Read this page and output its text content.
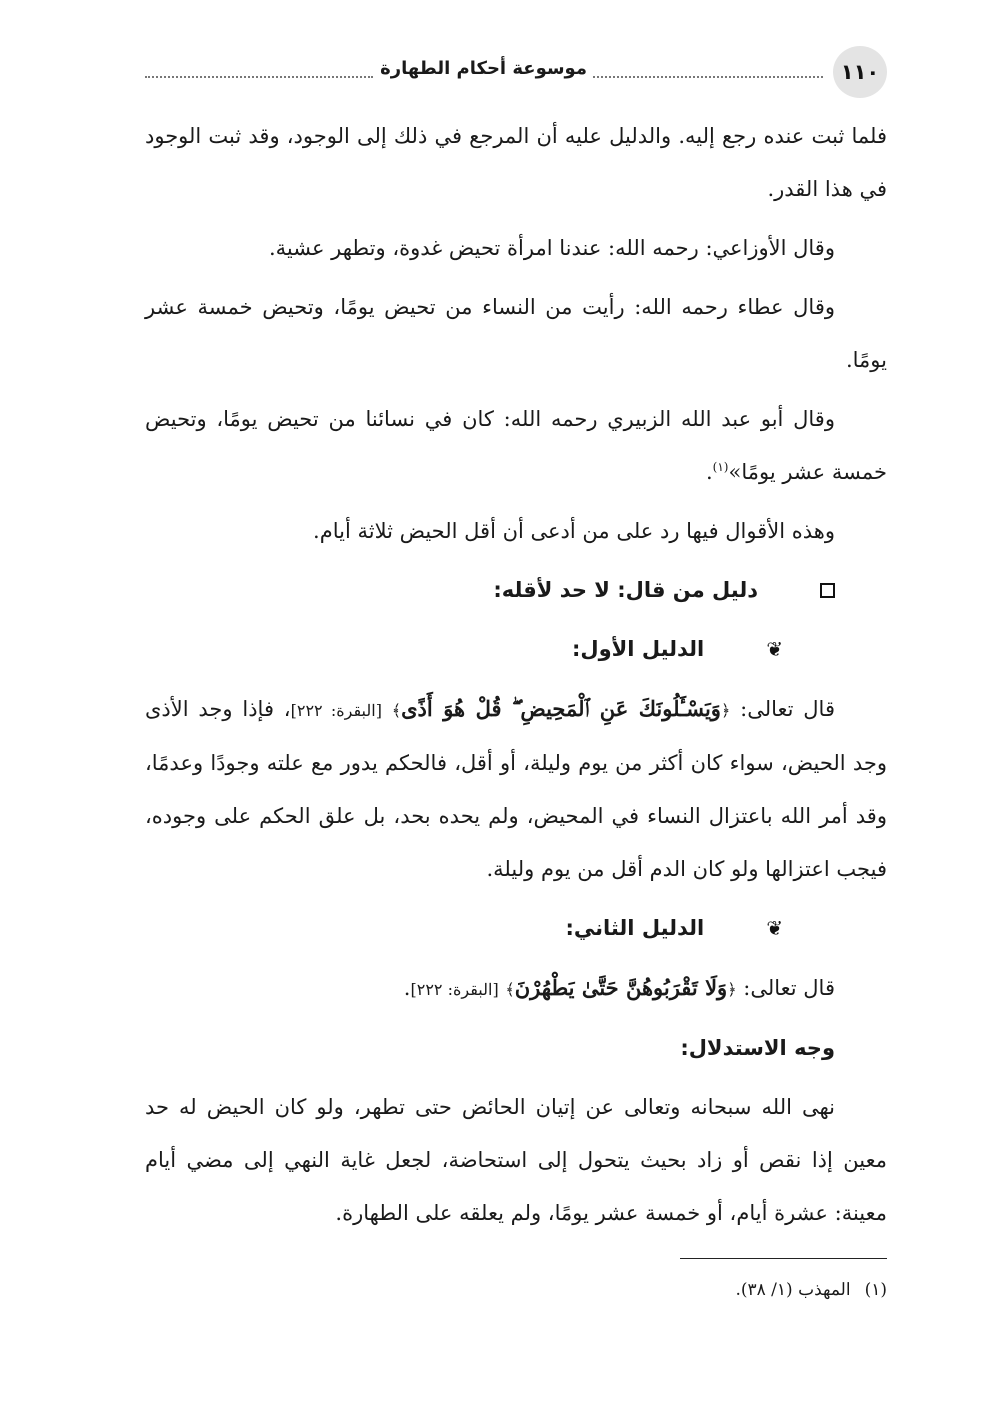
١١٠
موسوعة أحكام الطهارة

فلما ثبت عنده رجع إليه. والدليل عليه أن المرجع في ذلك إلى الوجود، وقد ثبت الوجود في هذا القدر.

وقال الأوزاعي: رحمه الله: عندنا امرأة تحيض غدوة، وتطهر عشية.

وقال عطاء رحمه الله: رأيت من النساء من تحيض يومًا، وتحيض خمسة عشر يومًا.

وقال أبو عبد الله الزبيري رحمه الله: كان في نسائنا من تحيض يومًا، وتحيض خمسة عشر يومًا»$^{(١)}$.

وهذه الأقوال فيها رد على من أدعى أن أقل الحيض ثلاثة أيام.

دليل من قال: لا حد لأقله:
❦
الدليل الأول:

قال تعالى: ﴿وَيَسْـَٔلُونَكَ عَنِ ٱلْمَحِيضِ ۖ قُلْ هُوَ أَذًى﴾ [البقرة: ٢٢٢]، فإذا وجد الأذى وجد الحيض، سواء كان أكثر من يوم وليلة، أو أقل، فالحكم يدور مع علته وجودًا وعدمًا، وقد أمر الله باعتزال النساء في المحيض، ولم يحده بحد، بل علق الحكم على وجوده، فيجب اعتزالها ولو كان الدم أقل من يوم وليلة.

❦
الدليل الثاني:

قال تعالى: ﴿وَلَا تَقْرَبُوهُنَّ حَتَّىٰ يَطْهُرْنَ﴾ [البقرة: ٢٢٢].

وجه الاستدلال:

نهى الله سبحانه وتعالى عن إتيان الحائض حتى تطهر، ولو كان الحيض له حد معين إذا نقص أو زاد بحيث يتحول إلى استحاضة، لجعل غاية النهي إلى مضي أيام معينة: عشرة أيام، أو خمسة عشر يومًا، ولم يعلقه على الطهارة.

(١)المهذب (١/ ٣٨).
